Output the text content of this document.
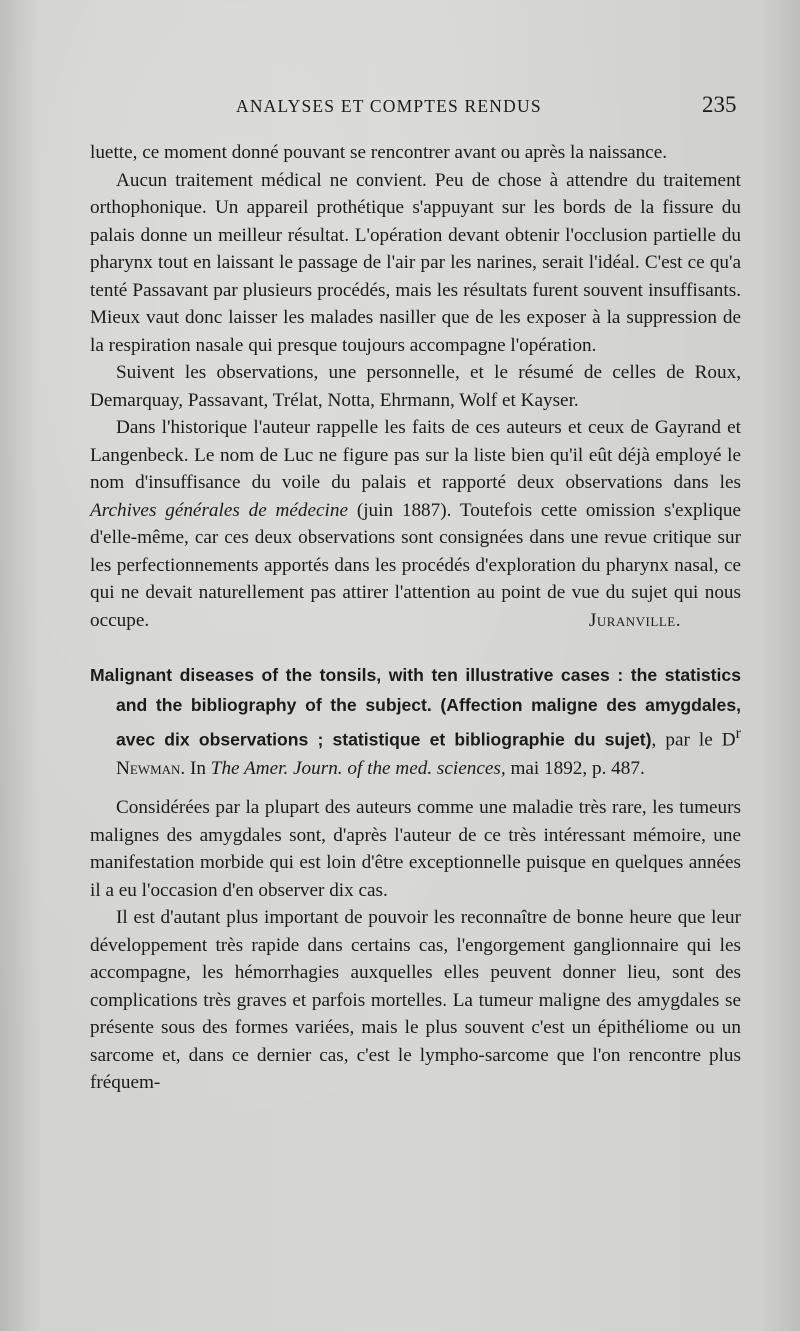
ANALYSES ET COMPTES RENDUS	235

luette, ce moment donné pouvant se rencontrer avant ou après la naissance.

Aucun traitement médical ne convient. Peu de chose à attendre du traitement orthophonique. Un appareil prothétique s'appuyant sur les bords de la fissure du palais donne un meilleur résultat. L'opération devant obtenir l'occlusion partielle du pharynx tout en laissant le passage de l'air par les narines, serait l'idéal. C'est ce qu'a tenté Passavant par plusieurs procédés, mais les résultats furent souvent insuffisants. Mieux vaut donc laisser les malades nasiller que de les exposer à la suppression de la respiration nasale qui presque toujours accompagne l'opération.

Suivent les observations, une personnelle, et le résumé de celles de Roux, Demarquay, Passavant, Trélat, Notta, Ehrmann, Wolf et Kayser.

Dans l'historique l'auteur rappelle les faits de ces auteurs et ceux de Gayrand et Langenbeck. Le nom de Luc ne figure pas sur la liste bien qu'il eût déjà employé le nom d'insuffisance du voile du palais et rapporté deux observations dans les Archives générales de médecine (juin 1887). Toutefois cette omission s'explique d'elle-même, car ces deux observations sont consignées dans une revue critique sur les perfectionnements apportés dans les procédés d'exploration du pharynx nasal, ce qui ne devait naturellement pas attirer l'attention au point de vue du sujet qui nous occupe.	Juranville.

Malignant diseases of the tonsils, with ten illustrative cases : the statistics and the bibliography of the subject. (Affection maligne des amygdales, avec dix observations ; statistique et bibliographie du sujet), par le $D^r$ Newman. In The Amer. Journ. of the med. sciences, mai 1892, p. 487.

Considérées par la plupart des auteurs comme une maladie très rare, les tumeurs malignes des amygdales sont, d'après l'auteur de ce très intéressant mémoire, une manifestation morbide qui est loin d'être exceptionnelle puisque en quelques années il a eu l'occasion d'en observer dix cas.

Il est d'autant plus important de pouvoir les reconnaître de bonne heure que leur développement très rapide dans certains cas, l'engorgement ganglionnaire qui les accompagne, les hémorrhagies auxquelles elles peuvent donner lieu, sont des complications très graves et parfois mortelles. La tumeur maligne des amygdales se présente sous des formes variées, mais le plus souvent c'est un épithéliome ou un sarcome et, dans ce dernier cas, c'est le lympho-sarcome que l'on rencontre plus fréquem-
